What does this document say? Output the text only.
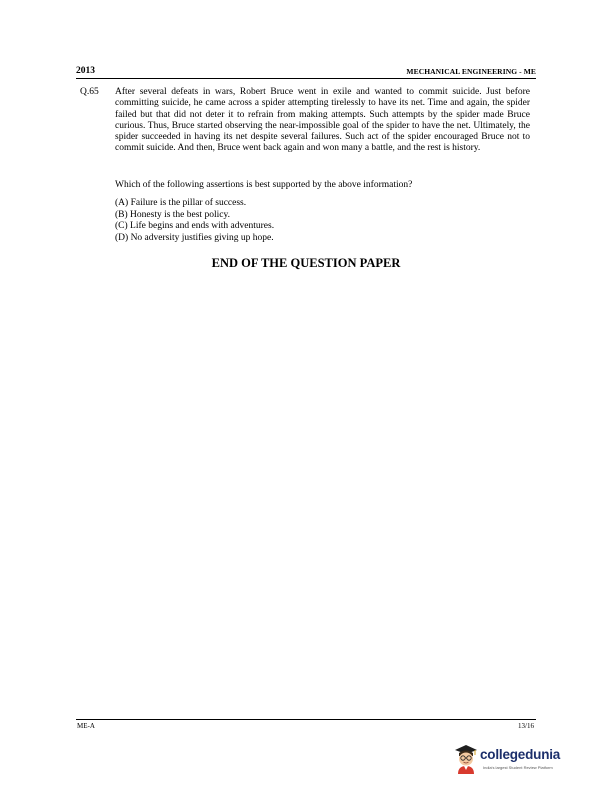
2013	MECHANICAL ENGINEERING - ME
Q.65 After several defeats in wars, Robert Bruce went in exile and wanted to commit suicide. Just before committing suicide, he came across a spider attempting tirelessly to have its net. Time and again, the spider failed but that did not deter it to refrain from making attempts. Such attempts by the spider made Bruce curious. Thus, Bruce started observing the near-impossible goal of the spider to have the net. Ultimately, the spider succeeded in having its net despite several failures. Such act of the spider encouraged Bruce not to commit suicide. And then, Bruce went back again and won many a battle, and the rest is history.
Which of the following assertions is best supported by the above information?
(A) Failure is the pillar of success.
(B) Honesty is the best policy.
(C) Life begins and ends with adventures.
(D) No adversity justifies giving up hope.
END OF THE QUESTION PAPER
ME-A	13/16
collegedunia
India's largest Student Review Platform
